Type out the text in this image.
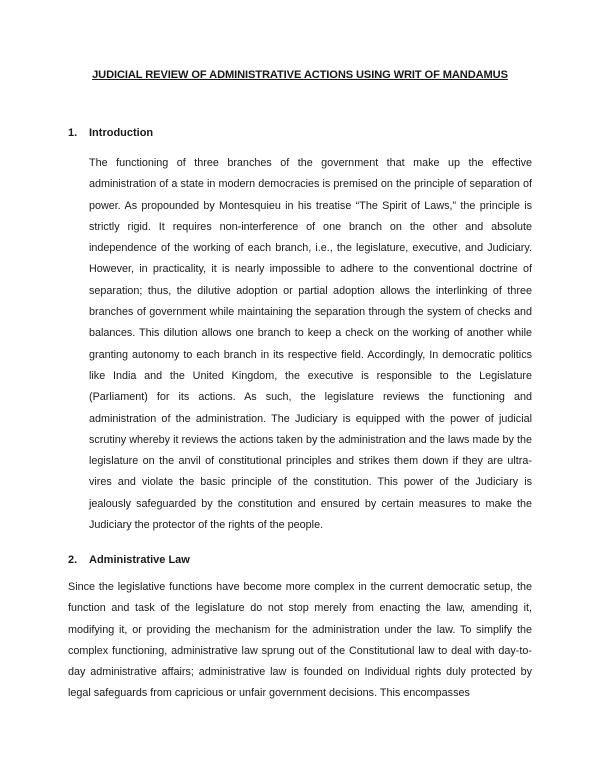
JUDICIAL REVIEW OF ADMINISTRATIVE ACTIONS USING WRIT OF MANDAMUS
1. Introduction

The functioning of three branches of the government that make up the effective administration of a state in modern democracies is premised on the principle of separation of power. As propounded by Montesquieu in his treatise “The Spirit of Laws,” the principle is strictly rigid. It requires non-interference of one branch on the other and absolute independence of the working of each branch, i.e., the legislature, executive, and Judiciary. However, in practicality, it is nearly impossible to adhere to the conventional doctrine of separation; thus, the dilutive adoption or partial adoption allows the interlinking of three branches of government while maintaining the separation through the system of checks and balances. This dilution allows one branch to keep a check on the working of another while granting autonomy to each branch in its respective field. Accordingly, In democratic politics like India and the United Kingdom, the executive is responsible to the Legislature (Parliament) for its actions. As such, the legislature reviews the functioning and administration of the administration. The Judiciary is equipped with the power of judicial scrutiny whereby it reviews the actions taken by the administration and the laws made by the legislature on the anvil of constitutional principles and strikes them down if they are ultra-vires and violate the basic principle of the constitution. This power of the Judiciary is jealously safeguarded by the constitution and ensured by certain measures to make the Judiciary the protector of the rights of the people.

2. Administrative Law

Since the legislative functions have become more complex in the current democratic setup, the function and task of the legislature do not stop merely from enacting the law, amending it, modifying it, or providing the mechanism for the administration under the law. To simplify the complex functioning, administrative law sprung out of the Constitutional law to deal with day-to-day administrative affairs; administrative law is founded on Individual rights duly protected by legal safeguards from capricious or unfair government decisions. This encompasses
